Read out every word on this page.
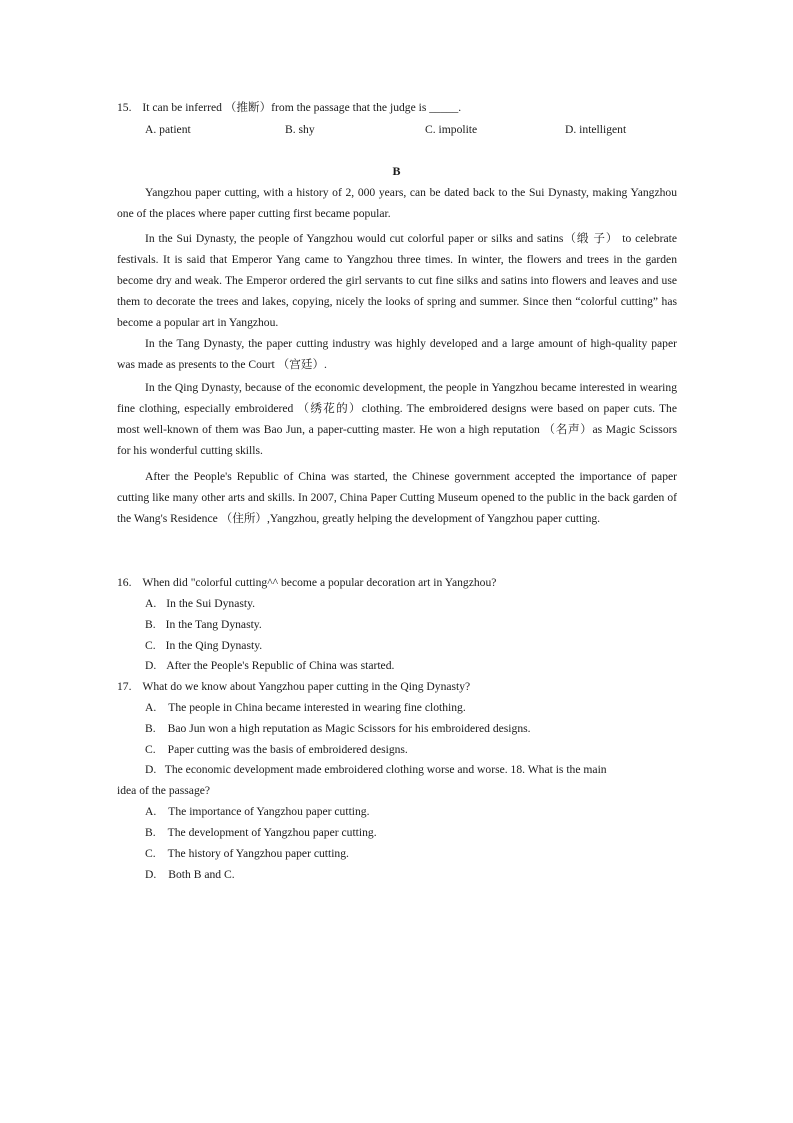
15. It can be inferred （推断）from the passage that the judge is _____.
A. patient	B. shy	C. impolite	D. intelligent
B
Yangzhou paper cutting, with a history of 2, 000 years, can be dated back to the Sui Dynasty, making Yangzhou one of the places where paper cutting first became popular.
In the Sui Dynasty, the people of Yangzhou would cut colorful paper or silks and satins（缎 子） to celebrate festivals. It is said that Emperor Yang came to Yangzhou three times. In winter, the flowers and trees in the garden become dry and weak. The Emperor ordered the girl servants to cut fine silks and satins into flowers and leaves and use them to decorate the trees and lakes, copying, nicely the looks of spring and summer. Since then “colorful cutting” has become a popular art in Yangzhou.
In the Tang Dynasty, the paper cutting industry was highly developed and a large amount of high-quality paper was made as presents to the Court （宫廷）.
In the Qing Dynasty, because of the economic development, the people in Yangzhou became interested in wearing fine clothing, especially embroidered （绣花的）clothing. The embroidered designs were based on paper cuts. The most well-known of them was Bao Jun, a paper-cutting master. He won a high reputation （名声）as Magic Scissors for his wonderful cutting skills.
After the People's Republic of China was started, the Chinese government accepted the importance of paper cutting like many other arts and skills. In 2007, China Paper Cutting Museum opened to the public in the back garden of the Wang's Residence （住所）,Yangzhou, greatly helping the development of Yangzhou paper cutting.
16. When did "colorful cutting^^ become a popular decoration art in Yangzhou?
A. In the Sui Dynasty.
B. In the Tang Dynasty.
C. In the Qing Dynasty.
D. After the People's Republic of China was started.
17. What do we know about Yangzhou paper cutting in the Qing Dynasty?
A. The people in China became interested in wearing fine clothing.
B. Bao Jun won a high reputation as Magic Scissors for his embroidered designs.
C. Paper cutting was the basis of embroidered designs.
D.   The economic development made embroidered clothing worse and worse. 18. What is the main
idea of the passage?
A. The importance of Yangzhou paper cutting.
B. The development of Yangzhou paper cutting.
C. The history of Yangzhou paper cutting.
D. Both B and C.
